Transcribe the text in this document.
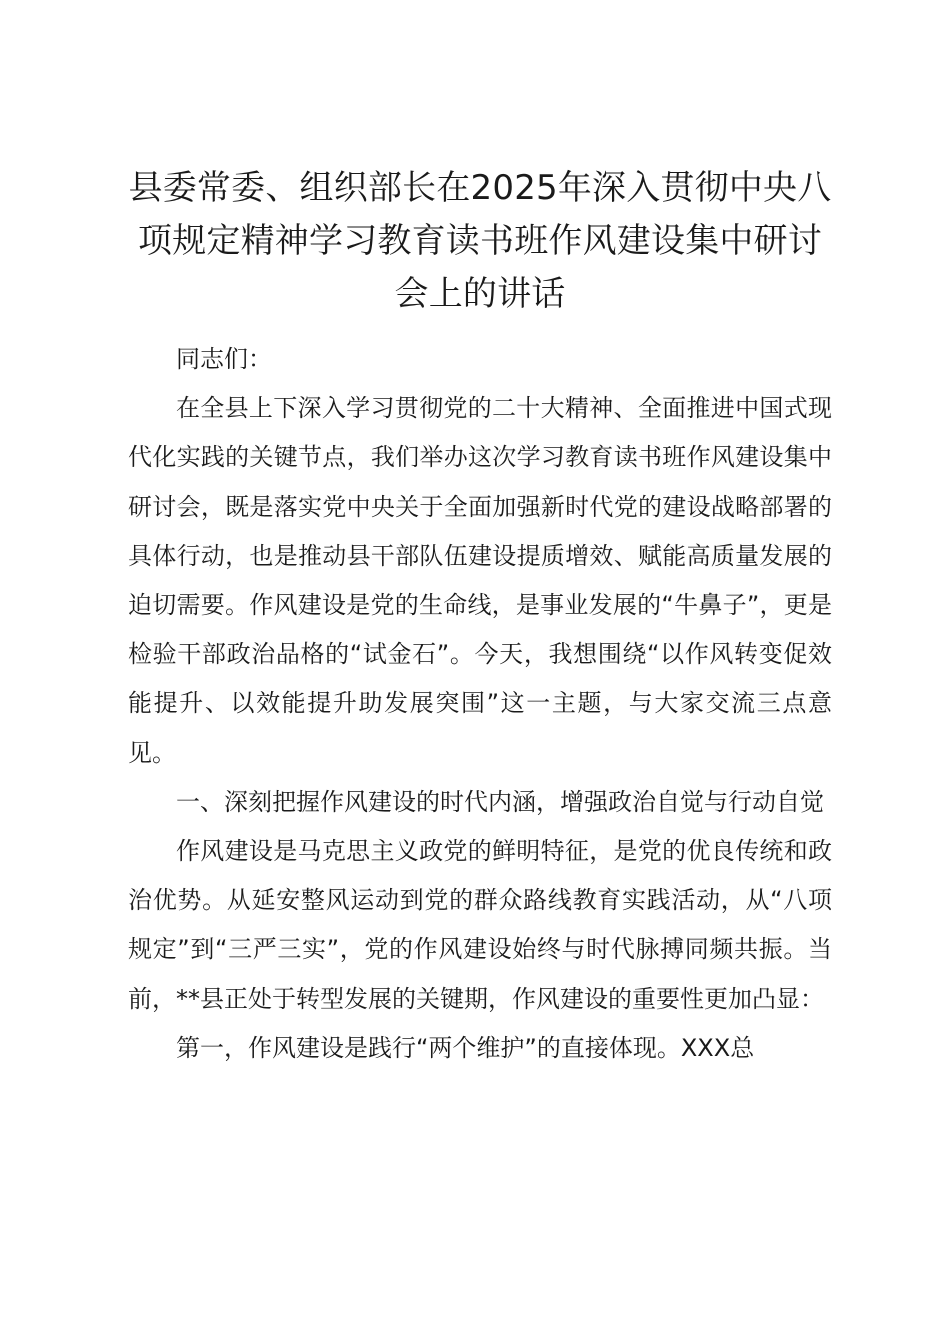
县委常委、组织部长在2025年深入贯彻中央八项规定精神学习教育读书班作风建设集中研讨会上的讲话

同志们：

在全县上下深入学习贯彻党的二十大精神、全面推进中国式现代化实践的关键节点，我们举办这次学习教育读书班作风建设集中研讨会，既是落实党中央关于全面加强新时代党的建设战略部署的具体行动，也是推动县干部队伍建设提质增效、赋能高质量发展的迫切需要。作风建设是党的生命线，是事业发展的“牛鼻子”，更是检验干部政治品格的“试金石”。今天，我想围绕“以作风转变促效能提升、以效能提升助发展突围”这一主题，与大家交流三点意见。

一、深刻把握作风建设的时代内涵，增强政治自觉与行动自觉

作风建设是马克思主义政党的鲜明特征，是党的优良传统和政治优势。从延安整风运动到党的群众路线教育实践活动，从“八项规定”到“三严三实”，党的作风建设始终与时代脉搏同频共振。当前，**县正处于转型发展的关键期，作风建设的重要性更加凸显：

第一，作风建设是践行“两个维护”的直接体现。XXX总
